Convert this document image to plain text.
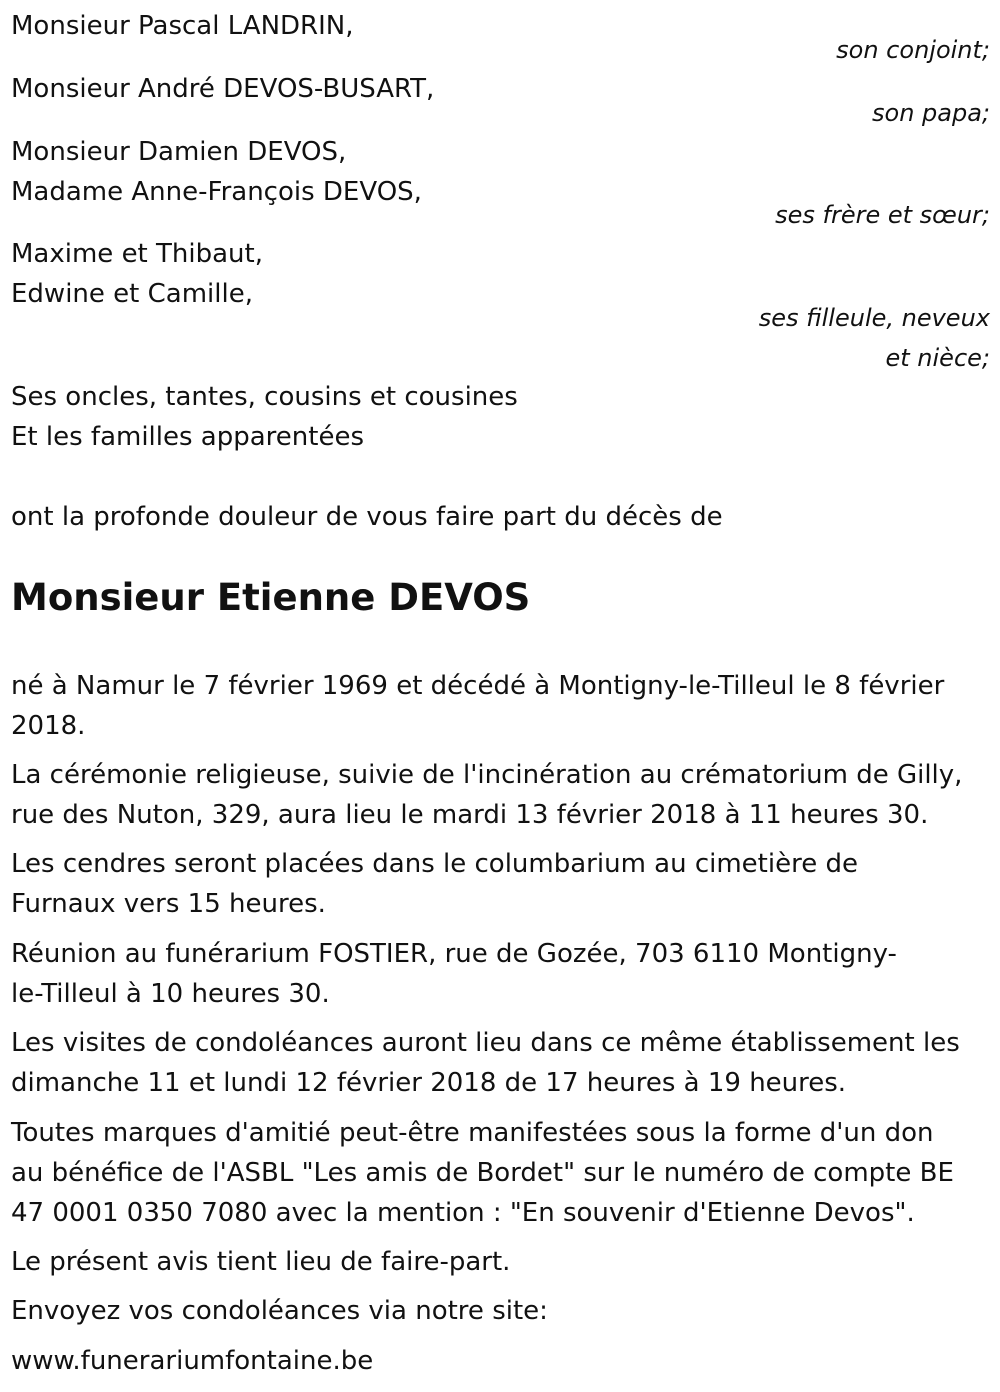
Monsieur Pascal LANDRIN,

son conjoint;

Monsieur André DEVOS-BUSART,

son papa;

Monsieur Damien DEVOS,

Madame Anne-François DEVOS,

ses frère et sœur;

Maxime et Thibaut,

Edwine et Camille,

ses filleule, neveux
et nièce;

Ses oncles, tantes, cousins et cousines

Et les familles apparentées

ont la profonde douleur de vous faire part du décès de

Monsieur Etienne DEVOS

né à Namur le 7 février 1969 et décédé à Montigny-le-Tilleul le 8 février

2018.

La cérémonie religieuse, suivie de l'incinération au crématorium de Gilly,

rue des Nuton, 329, aura lieu le mardi 13 février 2018 à 11 heures 30.

Les cendres seront placées dans le columbarium au cimetière de

Furnaux vers 15 heures.

Réunion au funérarium FOSTIER, rue de Gozée, 703 6110 Montigny-

le-Tilleul à 10 heures 30.

Les visites de condoléances auront lieu dans ce même établissement les

dimanche 11 et lundi 12 février 2018 de 17 heures à 19 heures.

Toutes marques d'amitié peut-être manifestées sous la forme d'un don

au bénéfice de l'ASBL "Les amis de Bordet" sur le numéro de compte BE

47 0001 0350 7080 avec la mention : "En souvenir d'Etienne Devos".

Le présent avis tient lieu de faire-part.

Envoyez vos condoléances via notre site:

www.funerariumfontaine.be
